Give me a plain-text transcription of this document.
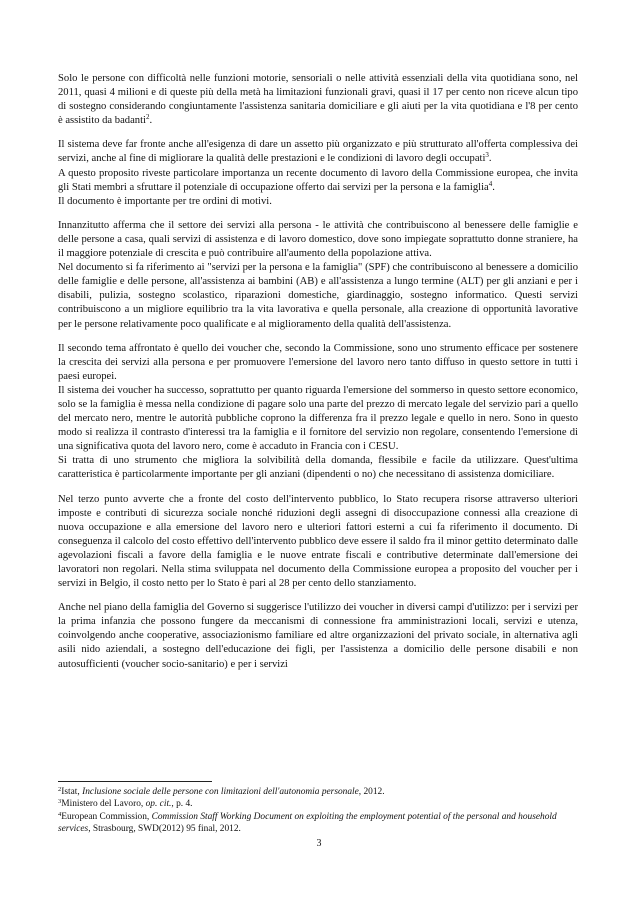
Solo le persone con difficoltà nelle funzioni motorie, sensoriali o nelle attività essenziali della vita quotidiana sono, nel 2011, quasi 4 milioni e di queste più della metà ha limitazioni funzionali gravi, quasi il 17 per cento non riceve alcun tipo di sostegno considerando congiuntamente l'assistenza sanitaria domiciliare e gli aiuti per la vita quotidiana e l'8 per cento è assistito da badanti$^2$.

Il sistema deve far fronte anche all'esigenza di dare un assetto più organizzato e più strutturato all'offerta complessiva dei servizi, anche al fine di migliorare la qualità delle prestazioni e le condizioni di lavoro degli occupati$^3$.

A questo proposito riveste particolare importanza un recente documento di lavoro della Commissione europea, che invita gli Stati membri a sfruttare il potenziale di occupazione offerto dai servizi per la persona e la famiglia$^4$.

Il documento è importante per tre ordini di motivi.

Innanzitutto afferma che il settore dei servizi alla persona - le attività che contribuiscono al benessere delle famiglie e delle persone a casa, quali servizi di assistenza e di lavoro domestico, dove sono impiegate soprattutto donne straniere, ha il maggiore potenziale di crescita e può contribuire all'aumento della popolazione attiva.

Nel documento si fa riferimento ai "servizi per la persona e la famiglia" (SPF) che contribuiscono al benessere a domicilio delle famiglie e delle persone, all'assistenza ai bambini (AB) e all'assistenza a lungo termine (ALT) per gli anziani e per i disabili, pulizia, sostegno scolastico, riparazioni domestiche, giardinaggio, sostegno informatico. Questi servizi contribuiscono a un migliore equilibrio tra la vita lavorativa e quella personale, alla creazione di opportunità lavorative per le persone relativamente poco qualificate e al miglioramento della qualità dell'assistenza.

Il secondo tema affrontato è quello dei voucher che, secondo la Commissione, sono uno strumento efficace per sostenere la crescita dei servizi alla persona e per promuovere l'emersione del lavoro nero tanto diffuso in questo settore in tutti i paesi europei.

Il sistema dei voucher ha successo, soprattutto per quanto riguarda l'emersione del sommerso in questo settore economico, solo se la famiglia è messa nella condizione di pagare solo una parte del prezzo di mercato legale del servizio pari a quello del mercato nero, mentre le autorità pubbliche coprono la differenza fra il prezzo legale e quello in nero. Sono in questo modo si realizza il contrasto d'interessi tra la famiglia e il fornitore del servizio non regolare, consentendo l'emersione di una significativa quota del lavoro nero, come è accaduto in Francia con i CESU.

Si tratta di uno strumento che migliora la solvibilità della domanda, flessibile e facile da utilizzare. Quest'ultima caratteristica è particolarmente importante per gli anziani (dipendenti o no) che necessitano di assistenza domiciliare.

Nel terzo punto avverte che a fronte del costo dell'intervento pubblico, lo Stato recupera risorse attraverso ulteriori imposte e contributi di sicurezza sociale nonché riduzioni degli assegni di disoccupazione connessi alla creazione di nuova occupazione e alla emersione del lavoro nero e ulteriori fattori esterni a cui fa riferimento il documento. Di conseguenza il calcolo del costo effettivo dell'intervento pubblico deve essere il saldo fra il minor gettito determinato dalle agevolazioni fiscali a favore della famiglia e le nuove entrate fiscali e contributive determinate dall'emersione dei lavoratori non regolari. Nella stima sviluppata nel documento della Commissione europea a proposito del voucher per i servizi in Belgio, il costo netto per lo Stato è pari al 28 per cento dello stanziamento.

Anche nel piano della famiglia del Governo si suggerisce l'utilizzo dei voucher in diversi campi d'utilizzo: per i servizi per la prima infanzia che possono fungere da meccanismi di connessione fra amministrazioni locali, servizi e utenza, coinvolgendo anche cooperative, associazionismo familiare ed altre organizzazioni del privato sociale, in alternativa agli asili nido aziendali, a sostegno dell'educazione dei figli, per l'assistenza a domicilio delle persone disabili e non autosufficienti (voucher socio-sanitario) e per i servizi

$^2$Istat, Inclusione sociale delle persone con limitazioni dell'autonomia personale, 2012.

$^3$Ministero del Lavoro, op. cit., p. 4.

$^4$European Commission, Commission Staff Working Document on exploiting the employment potential of the personal and household services, Strasbourg, SWD(2012) 95 final, 2012.

3
